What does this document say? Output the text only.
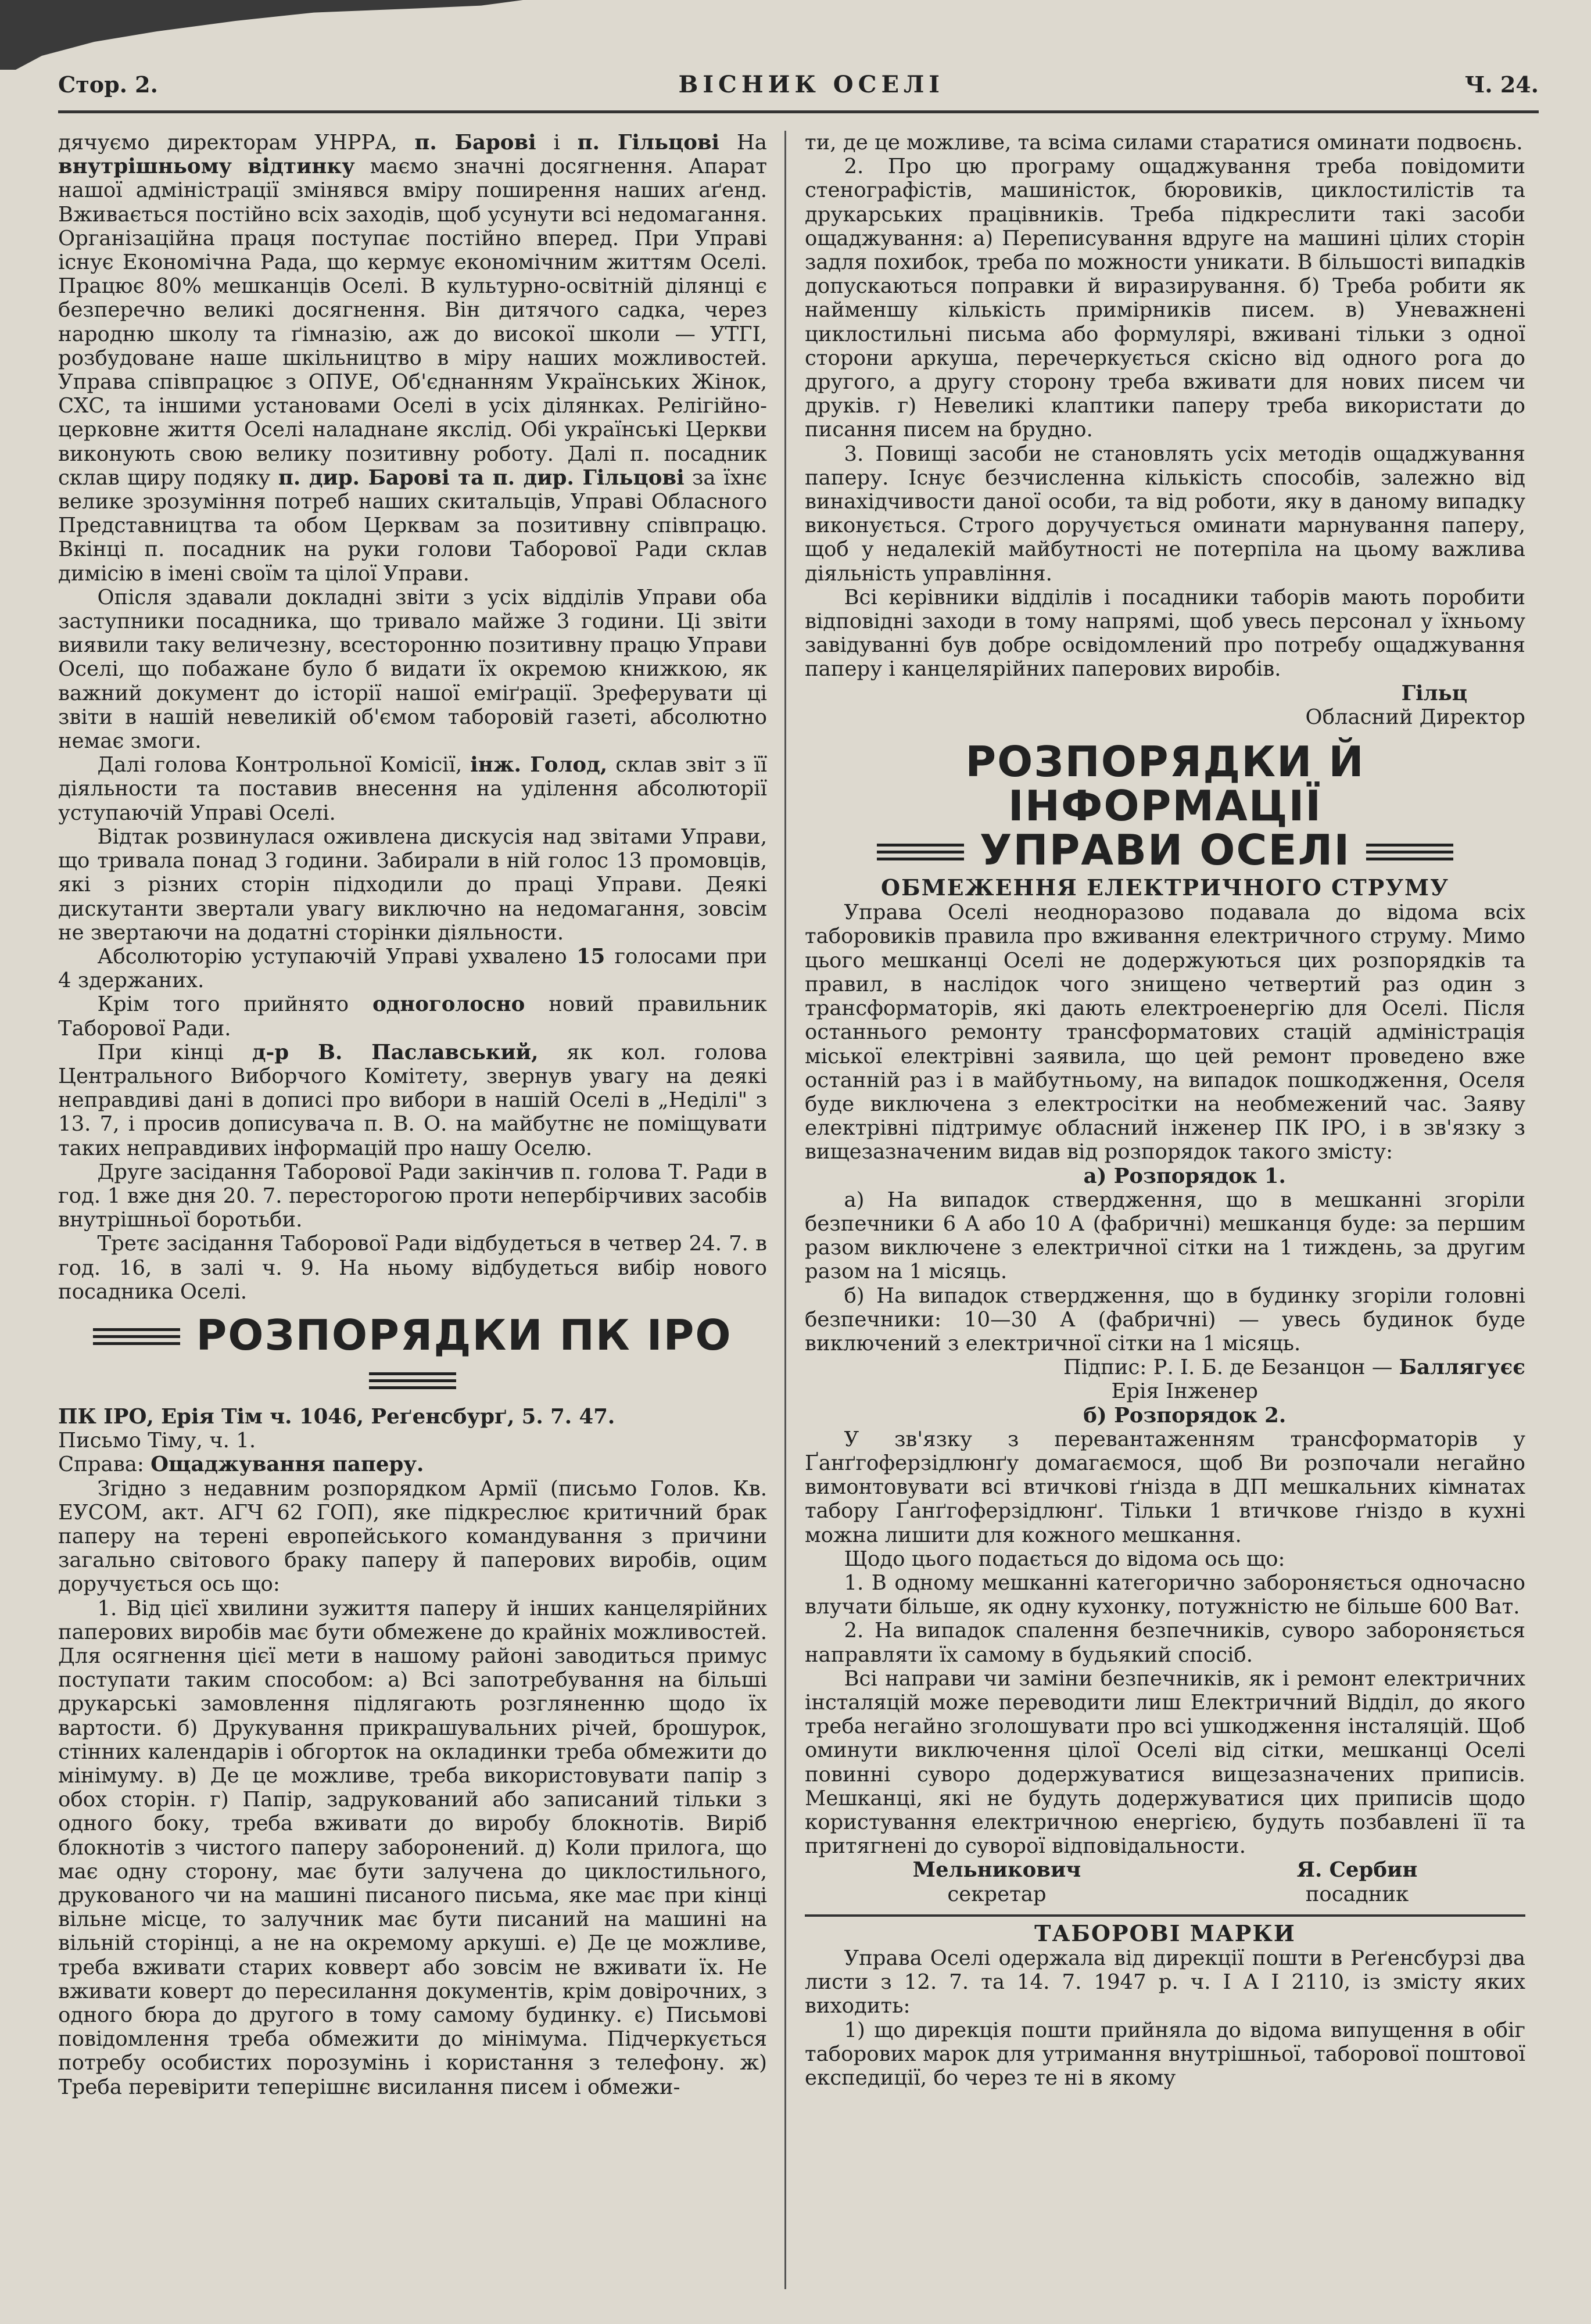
Стор. 2.	ВІСНИК ОСЕЛІ	Ч. 24.

дячуємо директорам УНРРА, п. Барові і п. Гільцові На внутрішньому відтинку маємо значні досягнення. Апарат нашої адміністрації змінявся вміру поширення наших аґенд. Вживається постійно всіх заходів, щоб усунути всі недомагання. Організаційна праця поступає постійно вперед. При Управі існує Економічна Рада, що кермує економічним життям Оселі. Працює 80% мешканців Оселі. В культурно-освітній ділянці є безперечно великі досягнення. Він дитячого садка, через народню школу та ґімназію, аж до високої школи — УТГІ, розбудоване наше шкільництво в міру наших можливостей. Управа співпрацює з ОПУЕ, Об'єднанням Українських Жінок, СХС, та іншими установами Оселі в усіх ділянках. Релігійно-церковне життя Оселі наладнане якслід. Обі українські Церкви виконують свою велику позитивну роботу. Далі п. посадник склав щиру подяку п. дир. Барові та п. дир. Гільцові за їхнє велике зрозуміння потреб наших скитальців, Управі Обласного Представництва та обом Церквам за позитивну співпрацю. Вкінці п. посадник на руки голови Таборової Ради склав димісію в імені своїм та цілої Управи.

Опісля здавали докладні звіти з усіх відділів Управи оба заступники посадника, що тривало майже 3 години. Ці звіти виявили таку величезну, всесторонню позитивну працю Управи Оселі, що побажане було б видати їх окремою книжкою, як важний документ до історії нашої еміґрації. Зреферувати ці звіти в нашій невеликій об'ємом таборовій газеті, абсолютно немає змоги.

Далі голова Контрольної Комісії, інж. Голод, склав звіт з її діяльности та поставив внесення на уділення абсолюторії уступаючій Управі Оселі.

Відтак розвинулася оживлена дискусія над звітами Управи, що тривала понад 3 години. Забирали в ній голос 13 промовців, які з різних сторін підходили до праці Управи. Деякі дискутанти звертали увагу виключно на недомагання, зовсім не звертаючи на додатні сторінки діяльности.

Абсолюторію уступаючій Управі ухвалено 15 голосами при 4 здержаних.

Крім того прийнято одноголосно новий правильник Таборової Ради.

При кінці д-р В. Паславський, як кол. голова Центрального Виборчого Комітету, звернув увагу на деякі неправдиві дані в дописі про вибори в нашій Оселі в „Неділі" з 13. 7, і просив дописувача п. В. О. на майбутнє не поміщувати таких неправдивих інформацій про нашу Оселю.

Друге засідання Таборової Ради закінчив п. голова Т. Ради в год. 1 вже дня 20. 7. пересторогою проти непербірчивих засобів внутрішньої боротьби.

Третє засідання Таборової Ради відбудеться в четвер 24. 7. в год. 16, в залі ч. 9. На ньому відбудеться вибір нового посадника Оселі.

РОЗПОРЯДКИ ПК ІРО

ПК ІРО, Ерія Тім ч. 1046, Реґенсбурґ, 5. 7. 47.

Письмо Тіму, ч. 1.

Справа: Ощаджування паперу.

Згідно з недавним розпорядком Армії (письмо Голов. Кв. ЕУСОМ, акт. АГЧ 62 ГОП), яке підкреслює критичний брак паперу на терені европейського командування з причини загально світового браку паперу й паперових виробів, оцим доручується ось що:

1. Від цієї хвилини зужиття паперу й інших канцелярійних паперових виробів має бути обмежене до крайніх можливостей. Для осягнення цієї мети в нашому районі заводиться примус поступати таким способом: а) Всі запотребування на більші друкарські замовлення підлягають розгляненню щодо їх вартости. б) Друкування прикрашувальних річей, брошурок, стінних календарів і обгорток на окладинки треба обмежити до мінімуму. в) Де це можливе, треба використовувати папір з обох сторін. г) Папір, задрукований або записаний тільки з одного боку, треба вживати до виробу блокнотів. Виріб блокнотів з чистого паперу заборонений. д) Коли прилога, що має одну сторону, має бути залучена до циклостильного, друкованого чи на машині писаного письма, яке має при кінці вільне місце, то залучник має бути писаний на машині на вільній сторінці, а не на окремому аркуші. е) Де це можливе, треба вживати старих ковверт або зовсім не вживати їх. Не вживати коверт до пересилання документів, крім довірочних, з одного бюра до другого в тому самому будинку. є) Письмові повідомлення треба обмежити до мінімума. Підчеркується потребу особистих порозумінь і користання з телефону. ж) Треба перевірити теперішнє висилання писем і обмежи-

ти, де це можливе, та всіма силами старатися оминати подвоєнь.

2. Про цю програму ощаджування треба повідомити стенографістів, машиністок, бюровиків, циклостилістів та друкарських працівників. Треба підкреслити такі засоби ощаджування: а) Переписування вдруге на машині цілих сторін задля похибок, треба по можности уникати. В більшості випадків допускаються поправки й виразирування. б) Треба робити як найменшу кількість примірників писем. в) Уневажнені циклостильні письма або формулярі, вживані тільки з одної сторони аркуша, перечеркується скісно від одного рога до другого, а другу сторону треба вживати для нових писем чи друків. г) Невеликі клаптики паперу треба використати до писання писем на брудно.

3. Повищі засоби не становлять усіх методів ощаджування паперу. Існує безчисленна кількість способів, залежно від винахідчивости даної особи, та від роботи, яку в даному випадку виконується. Строго доручується оминати марнування паперу, щоб у недалекій майбутності не потерпіла на цьому важлива діяльність управління.

Всі керівники відділів і посадники таборів мають поробити відповідні заходи в тому напрямі, щоб увесь персонал у їхньому завідуванні був добре освідомлений про потребу ощаджування паперу і канцелярійних паперових виробів.

Гільц

Обласний Директор

РОЗПОРЯДКИ Й ІНФОРМАЦІЇ
УПРАВИ ОСЕЛІ
ОБМЕЖЕННЯ ЕЛЕКТРИЧНОГО СТРУМУ

Управа Оселі неодноразово подавала до відома всіх таборовиків правила про вживання електричного струму. Мимо цього мешканці Оселі не додержуються цих розпорядків та правил, в наслідок чого знищено четвертий раз один з трансформаторів, які дають електроенергію для Оселі. Після останнього ремонту трансформатових стацій адміністрація міської електрівні заявила, що цей ремонт проведено вже останній раз і в майбутньому, на випадок пошкодження, Оселя буде виключена з електросітки на необмежений час. Заяву електрівні підтримує обласний інженер ПК ІРО, і в зв'язку з вищезазначеним видав від розпорядок такого змісту:

а) Розпорядок 1.

а) На випадок ствердження, що в мешканні згоріли безпечники 6 А або 10 А (фабричні) мешканця буде: за першим разом виключене з електричної сітки на 1 тиждень, за другим разом на 1 місяць.

б) На випадок ствердження, що в будинку згоріли головні безпечники: 10—30 А (фабричні) — увесь будинок буде виключений з електричної сітки на 1 місяць.

Підпис: Р. І. Б. де Безанцон — Баллягуєє

Ерія Інженер

б) Розпорядок 2.

У зв'язку з перевантаженням трансформаторів у Ґанґгоферзідлюнґу домагаємося, щоб Ви розпочали негайно вимонтовувати всі втичкові ґнізда в ДП мешкальних кімнатах табору Ґанґгоферзідлюнґ. Тільки 1 втичкове ґніздо в кухні можна лишити для кожного мешкання.

Щодо цього подається до відома ось що:

1. В одному мешканні категорично забороняється одночасно влучати більше, як одну кухонку, потужністю не більше 600 Ват.

2. На випадок спалення безпечників, суворо забороняється направляти їх самому в будьякий спосіб.

Всі направи чи заміни безпечників, як і ремонт електричних інсталяцій може переводити лиш Електричний Відділ, до якого треба негайно зголошувати про всі ушкодження інсталяцій. Щоб оминути виключення цілої Оселі від сітки, мешканці Оселі повинні суворо додержуватися вищезазначених приписів. Мешканці, які не будуть додержуватися цих приписів щодо користування електричною енергією, будуть позбавлені її та притягнені до суворої відповідальности.

Мельникович
секретар
Я. Сербин
посадник
ТАБОРОВІ МАРКИ

Управа Оселі одержала від дирекції пошти в Реґенсбурзі два листи з 12. 7. та 14. 7. 1947 р. ч. І А І 2110, із змісту яких виходить:

1) що дирекція пошти прийняла до відома випущення в обіг таборових марок для утримання внутрішньої, таборової поштової експедиції, бо через те ні в якому
